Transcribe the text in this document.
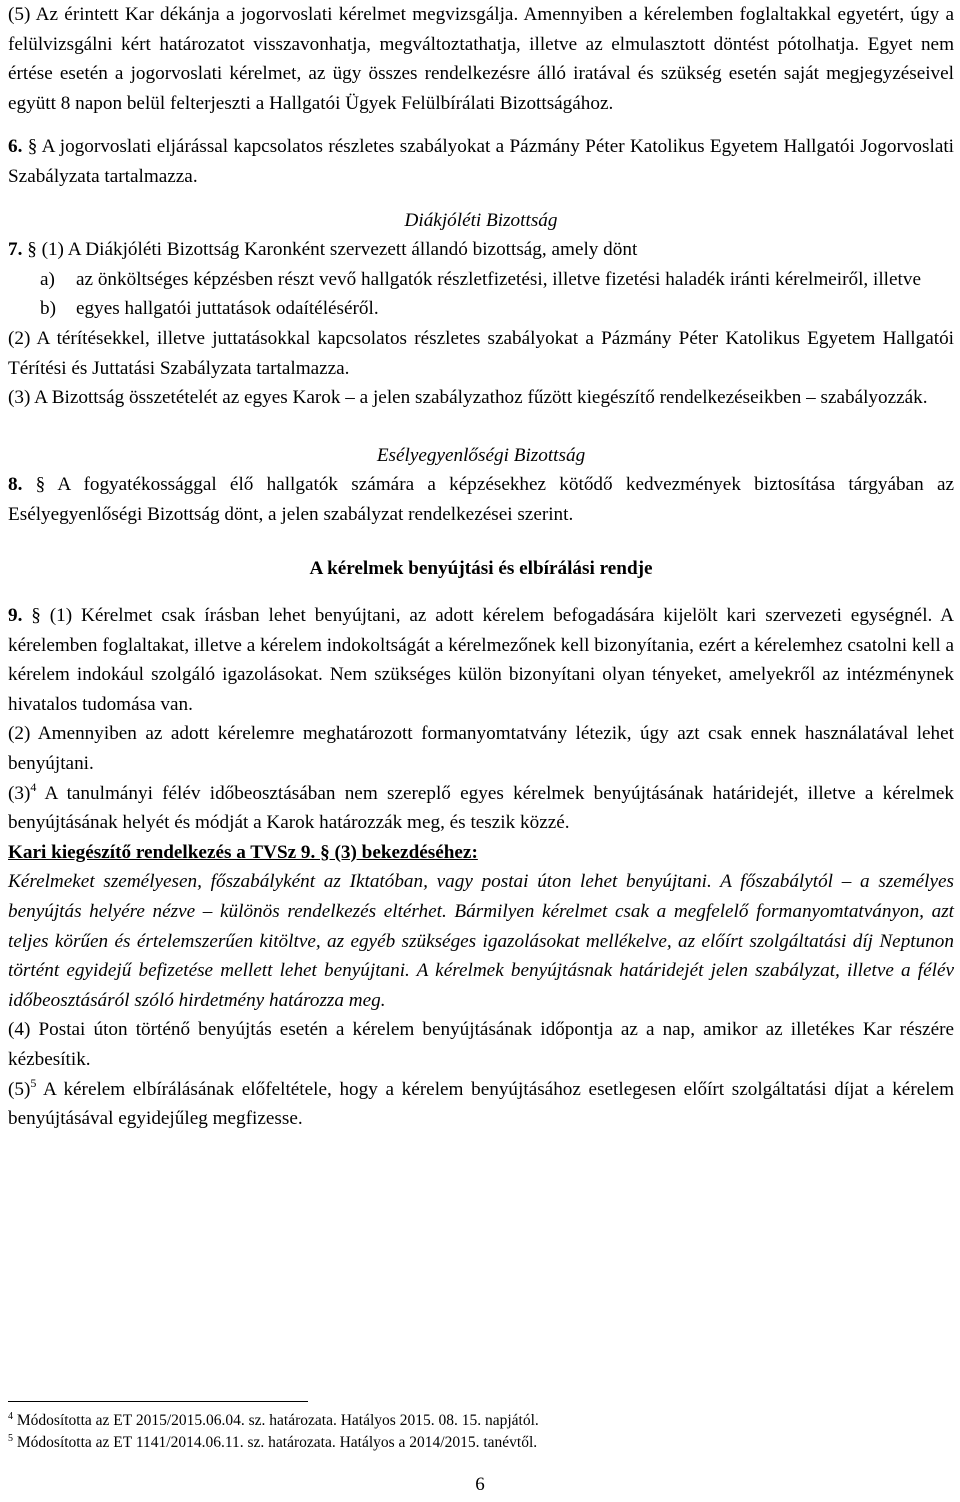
(5) Az érintett Kar dékánja a jogorvoslati kérelmet megvizsgálja. Amennyiben a kérelemben foglaltakkal egyetért, úgy a felülvizsgálni kért határozatot visszavonhatja, megváltoztathatja, illetve az elmulasztott döntést pótolhatja. Egyet nem értése esetén a jogorvoslati kérelmet, az ügy összes rendelkezésre álló iratával és szükség esetén saját megjegyzéseivel együtt 8 napon belül felterjeszti a Hallgatói Ügyek Felülbírálati Bizottságához.

6. § A jogorvoslati eljárással kapcsolatos részletes szabályokat a Pázmány Péter Katolikus Egyetem Hallgatói Jogorvoslati Szabályzata tartalmazza.

Diákjóléti Bizottság

7. § (1) A Diákjóléti Bizottság Karonként szervezett állandó bizottság, amely dönt

a)	az önköltséges képzésben részt vevő hallgatók részletfizetési, illetve fizetési haladék iránti kérelmeiről, illetve
b)	egyes hallgatói juttatások odaítéléséről.

(2) A térítésekkel, illetve juttatásokkal kapcsolatos részletes szabályokat a Pázmány Péter Katolikus Egyetem Hallgatói Térítési és Juttatási Szabályzata tartalmazza.

(3) A Bizottság összetételét az egyes Karok – a jelen szabályzathoz fűzött kiegészítő rendelkezéseikben – szabályozzák.

Esélyegyenlőségi Bizottság

8. § A fogyatékossággal élő hallgatók számára a képzésekhez kötődő kedvezmények biztosítása tárgyában az Esélyegyenlőségi Bizottság dönt, a jelen szabályzat rendelkezései szerint.

A kérelmek benyújtási és elbírálási rendje

9. § (1) Kérelmet csak írásban lehet benyújtani, az adott kérelem befogadására kijelölt kari szervezeti egységnél. A kérelemben foglaltakat, illetve a kérelem indokoltságát a kérelmezőnek kell bizonyítania, ezért a kérelemhez csatolni kell a kérelem indokául szolgáló igazolásokat. Nem szükséges külön bizonyítani olyan tényeket, amelyekről az intézménynek hivatalos tudomása van.

(2) Amennyiben az adott kérelemre meghatározott formanyomtatvány létezik, úgy azt csak ennek használatával lehet benyújtani.

$(3)^4$ A tanulmányi félév időbeosztásában nem szereplő egyes kérelmek benyújtásának határidejét, illetve a kérelmek benyújtásának helyét és módját a Karok határozzák meg, és teszik közzé.

Kari kiegészítő rendelkezés a TVSz 9. § (3) bekezdéséhez:

Kérelmeket személyesen, főszabályként az Iktatóban, vagy postai úton lehet benyújtani. A főszabálytól – a személyes benyújtás helyére nézve – különös rendelkezés eltérhet. Bármilyen kérelmet csak a megfelelő formanyomtatványon, azt teljes körűen és értelemszerűen kitöltve, az egyéb szükséges igazolásokat mellékelve, az előírt szolgáltatási díj Neptunon történt egyidejű befizetése mellett lehet benyújtani. A kérelmek benyújtásnak határidejét jelen szabályzat, illetve a félév időbeosztásáról szóló hirdetmény határozza meg.

(4) Postai úton történő benyújtás esetén a kérelem benyújtásának időpontja az a nap, amikor az illetékes Kar részére kézbesítik.

$(5)^5$ A kérelem elbírálásának előfeltétele, hogy a kérelem benyújtásához esetlegesen előírt szolgáltatási díjat a kérelem benyújtásával egyidejűleg megfizesse.

$^4$ Módosította az ET 2015/2015.06.04. sz. határozata. Hatályos 2015. 08. 15. napjától.

$^5$ Módosította az ET 1141/2014.06.11. sz. határozata. Hatályos a 2014/2015. tanévtől.

6
